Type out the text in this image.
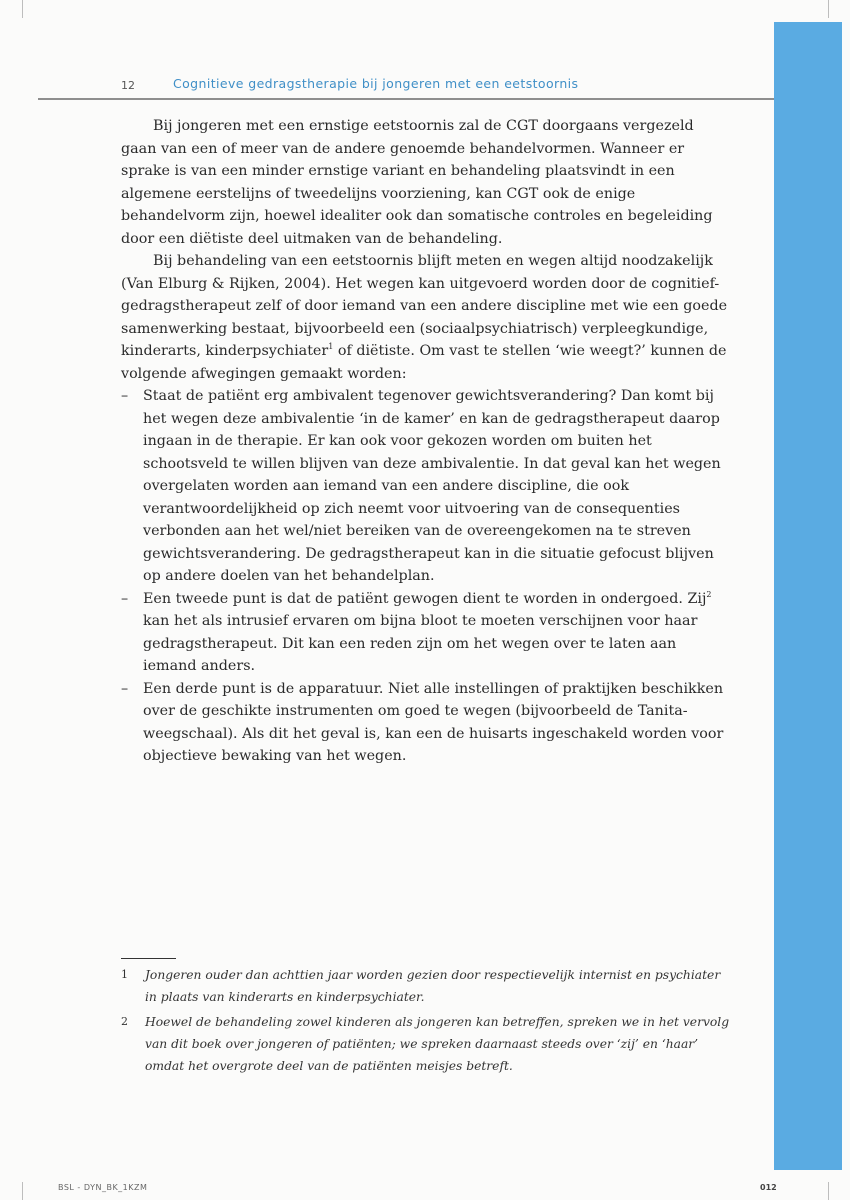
12	Cognitieve gedragstherapie bij jongeren met een eetstoornis

Bij jongeren met een ernstige eetstoornis zal de CGT doorgaans vergezeld gaan van een of meer van de andere genoemde behandelvormen. Wanneer er sprake is van een minder ernstige variant en behandeling plaatsvindt in een algemene eerstelijns of tweedelijns voorziening, kan CGT ook de enige behandelvorm zijn, hoewel idealiter ook dan somatische controles en begeleiding door een diëtiste deel uitmaken van de behandeling.

Bij behandeling van een eetstoornis blijft meten en wegen altijd noodzakelijk (Van Elburg & Rijken, 2004). Het wegen kan uitgevoerd worden door de cognitief-gedragstherapeut zelf of door iemand van een andere discipline met wie een goede samenwerking bestaat, bijvoorbeeld een (sociaalpsychiatrisch) verpleegkundige, kinderarts, kinderpsychiater$^1$ of diëtiste. Om vast te stellen ‘wie weegt?’ kunnen de volgende afwegingen gemaakt worden:

– Staat de patiënt erg ambivalent tegenover gewichtsverandering? Dan komt bij het wegen deze ambivalentie ‘in de kamer’ en kan de gedragstherapeut daarop ingaan in de therapie. Er kan ook voor gekozen worden om buiten het schootsveld te willen blijven van deze ambivalentie. In dat geval kan het wegen overgelaten worden aan iemand van een andere discipline, die ook verantwoordelijkheid op zich neemt voor uitvoering van de consequenties verbonden aan het wel/niet bereiken van de overeengekomen na te streven gewichtsverandering. De gedragstherapeut kan in die situatie gefocust blijven op andere doelen van het behandelplan.
– Een tweede punt is dat de patiënt gewogen dient te worden in ondergoed. Zij$^2$ kan het als intrusief ervaren om bijna bloot te moeten verschijnen voor haar gedragstherapeut. Dit kan een reden zijn om het wegen over te laten aan iemand anders.
– Een derde punt is de apparatuur. Niet alle instellingen of praktijken beschikken over de geschikte instrumenten om goed te wegen (bijvoorbeeld de Tanita-weegschaal). Als dit het geval is, kan een de huisarts ingeschakeld worden voor objectieve bewaking van het wegen.
1 Jongeren ouder dan achttien jaar worden gezien door respectievelijk internist en psychiater in plaats van kinderarts en kinderpsychiater.
2 Hoewel de behandeling zowel kinderen als jongeren kan betreffen, spreken we in het vervolg van dit boek over jongeren of patiënten; we spreken daarnaast steeds over ‘zij’ en ‘haar’ omdat het overgrote deel van de patiënten meisjes betreft.
BSL - DYN_BK_1KZM	012
